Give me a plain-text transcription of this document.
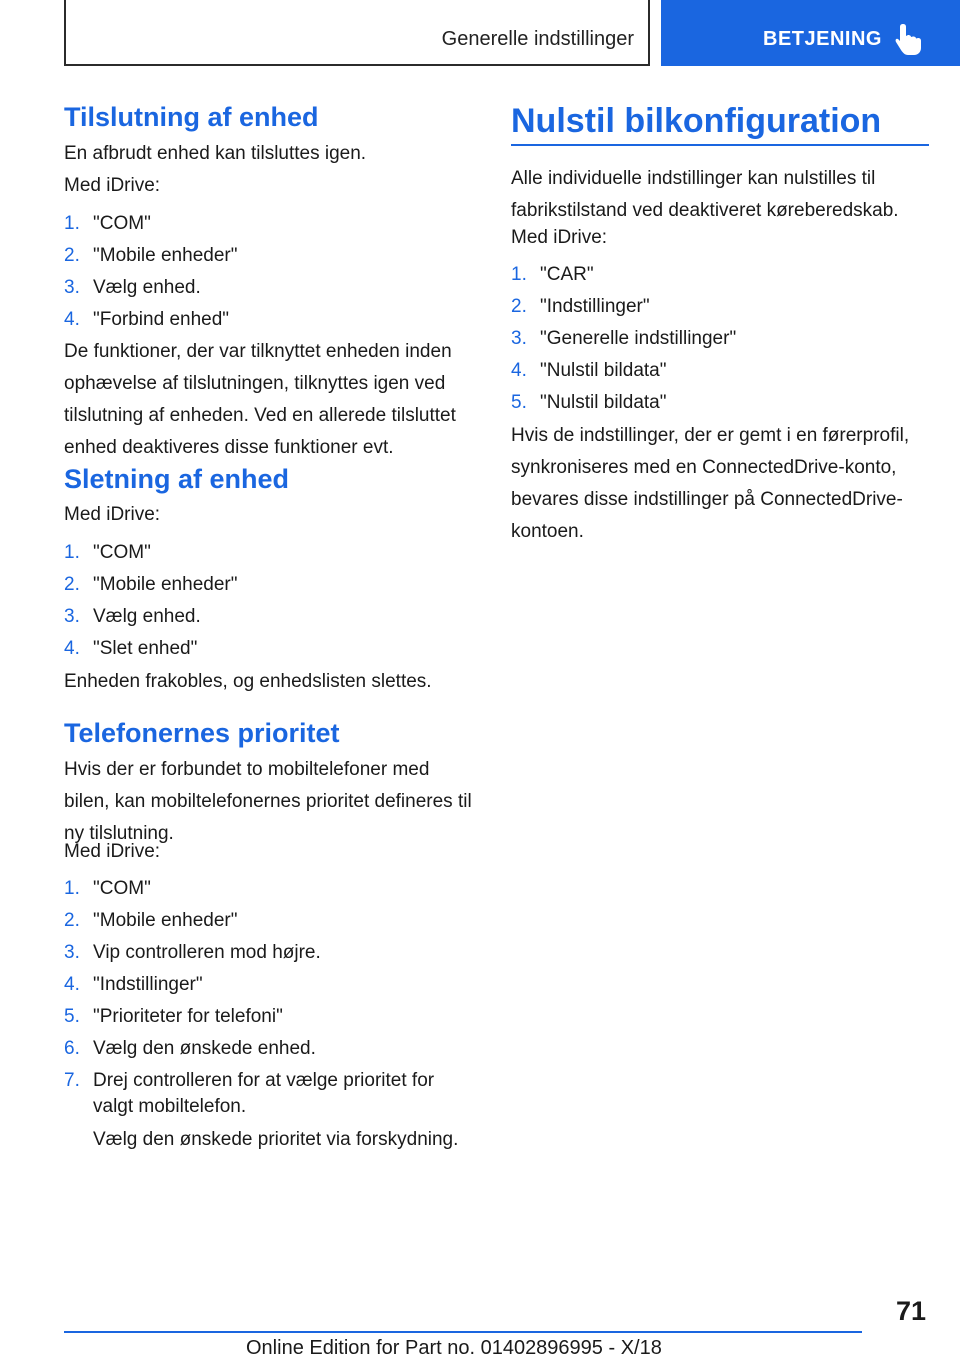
Generelle indstillinger	BETJENING
Tilslutning af enhed

En afbrudt enhed kan tilsluttes igen.

Med iDrive:

1. "COM"
2. "Mobile enheder"
3. Vælg enhed.
4. "Forbind enhed"

De funktioner, der var tilknyttet enheden inden ophævelse af tilslutningen, tilknyttes igen ved tilslutning af enheden. Ved en allerede tilsluttet enhed deaktiveres disse funktioner evt.

Sletning af enhed

Med iDrive:

1. "COM"
2. "Mobile enheder"
3. Vælg enhed.
4. "Slet enhed"

Enheden frakobles, og enhedslisten slettes.

Telefonernes prioritet

Hvis der er forbundet to mobiltelefoner med bilen, kan mobiltelefonernes prioritet defineres til ny tilslutning.

Med iDrive:

1. "COM"
2. "Mobile enheder"
3. Vip controlleren mod højre.
4. "Indstillinger"
5. "Prioriteter for telefoni"
6. Vælg den ønskede enhed.
7. Drej controlleren for at vælge prioritet for
valgt mobiltelefon.
Vælg den ønskede prioritet via forskydning.
Nulstil bilkonfiguration

Alle individuelle indstillinger kan nulstilles til fabrikstilstand ved deaktiveret køreberedskab.

Med iDrive:

1. "CAR"
2. "Indstillinger"
3. "Generelle indstillinger"
4. "Nulstil bildata"
5. "Nulstil bildata"

Hvis de indstillinger, der er gemt i en førerprofil, synkroniseres med en ConnectedDrive-konto, bevares disse indstillinger på ConnectedDrive-kontoen.

71
Online Edition for Part no. 01402896995 - X/18
